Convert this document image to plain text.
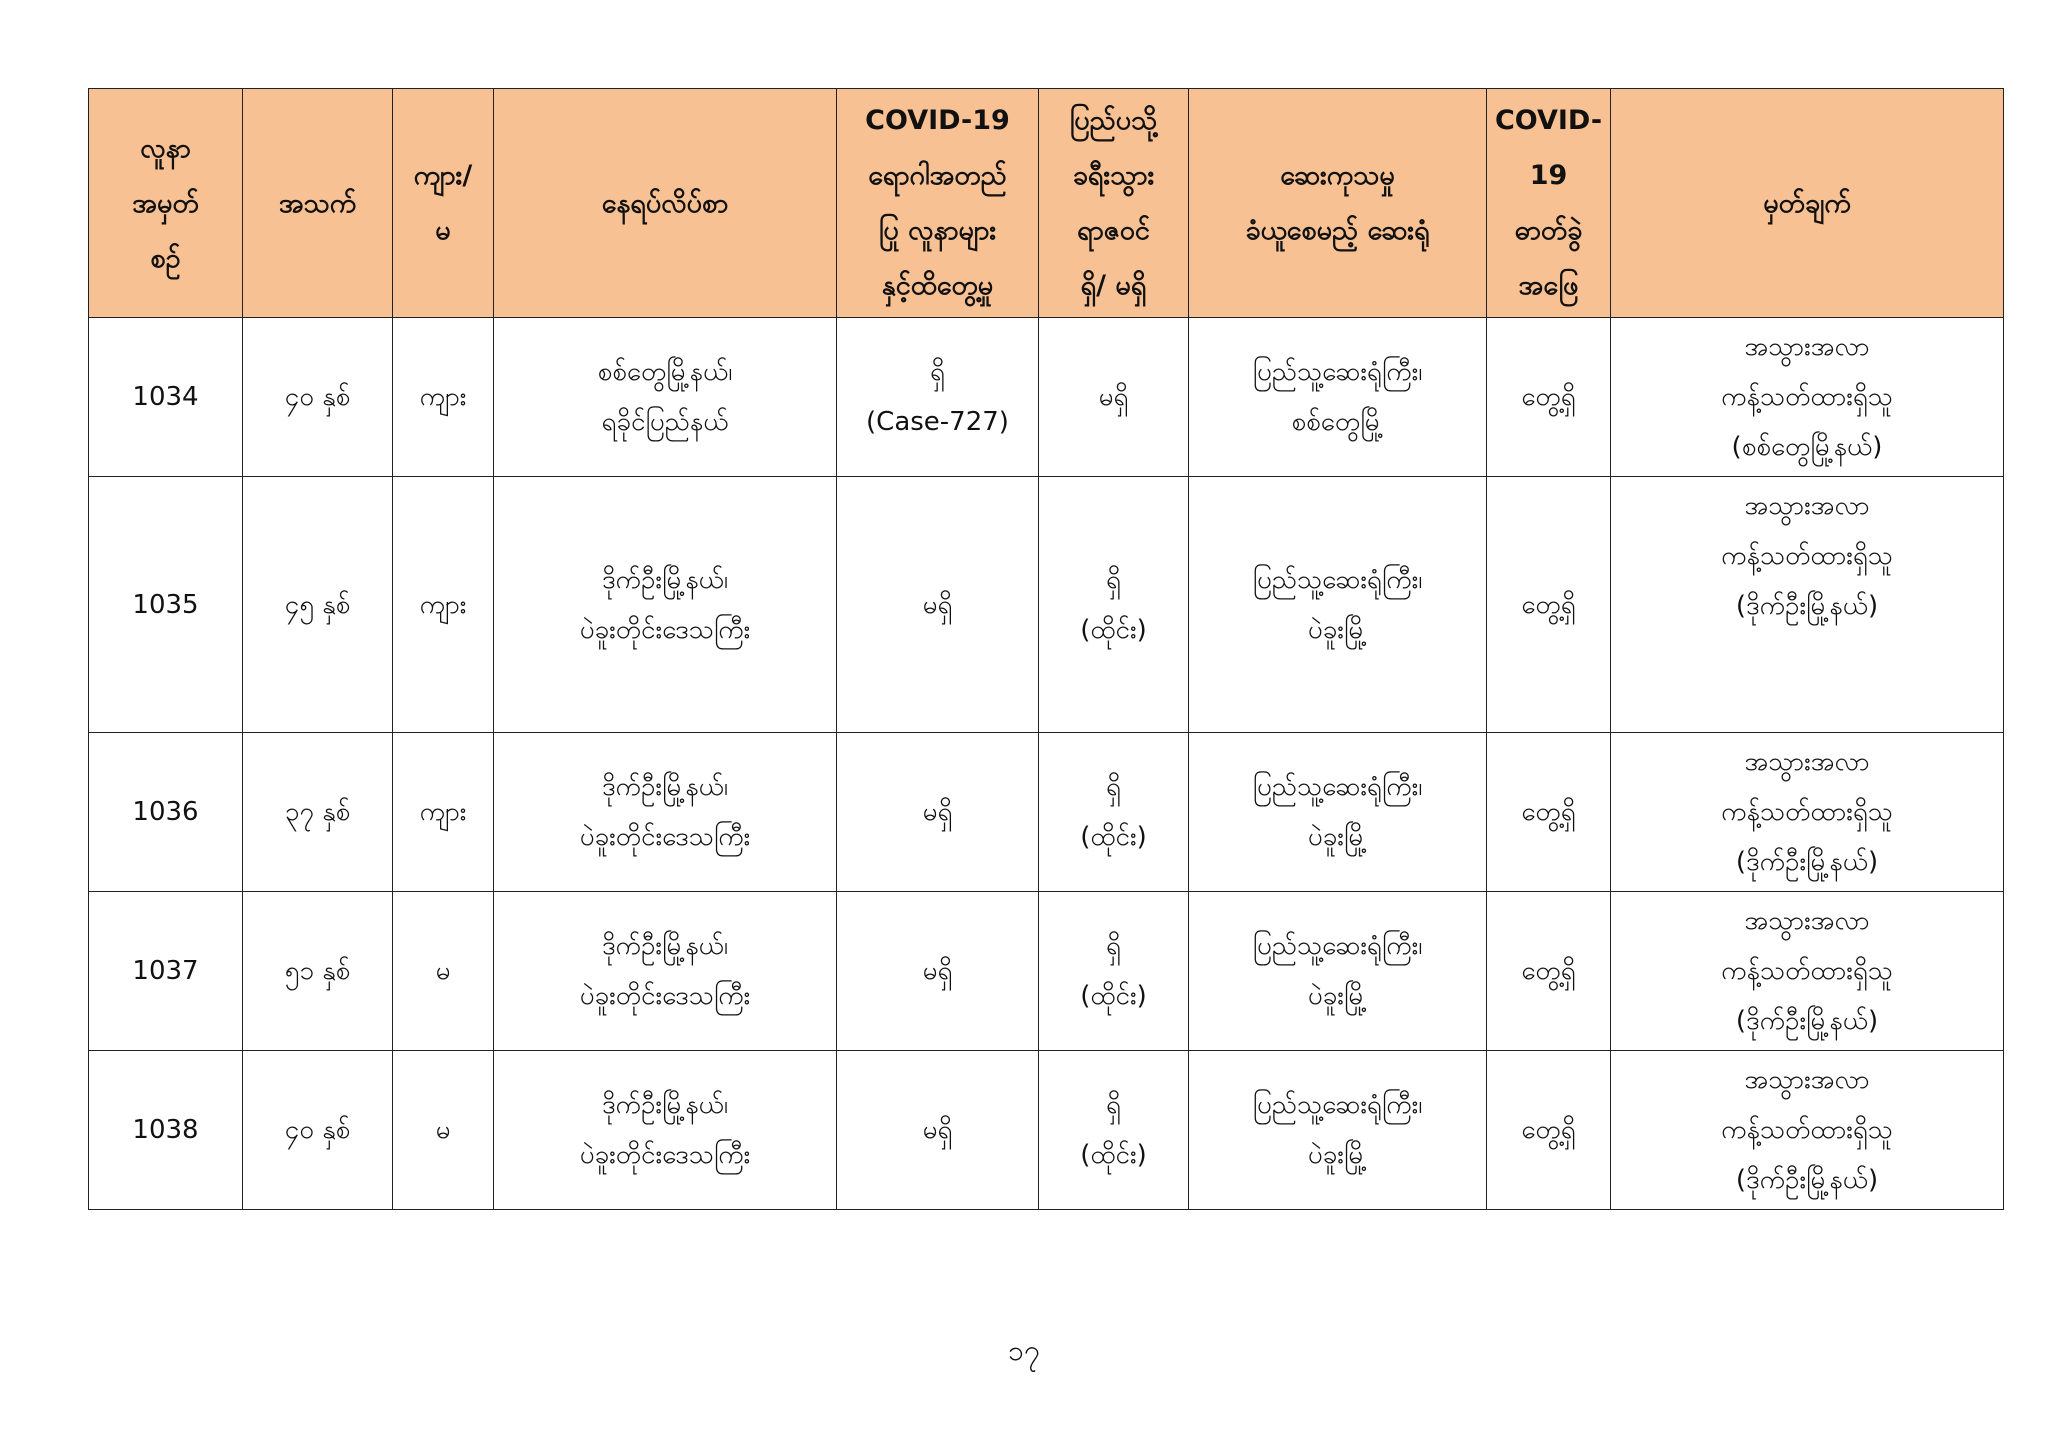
လူနာ
အမှတ်
စဉ်	အသက်	ကျား/
မ	နေရပ်လိပ်စာ	COVID-19
ရောဂါအတည်
ပြု လူနာများ
နှင့်ထိတွေ့မှု	ပြည်ပသို့
ခရီးသွား
ရာဇဝင်
ရှိ/ မရှိ	ဆေးကုသမှု
ခံယူစေမည့် ဆေးရုံ	COVID-
19
ဓာတ်ခွဲ
အဖြေ	မှတ်ချက်

1034	၄၀ နှစ်	ကျား	စစ်တွေမြို့နယ်၊
ရခိုင်ပြည်နယ်	ရှိ
(Case-727)	မရှိ	ပြည်သူ့ဆေးရုံကြီး၊
စစ်တွေမြို့	တွေ့ရှိ	အသွားအလာ
ကန့်သတ်ထားရှိသူ
(စစ်တွေမြို့နယ်)

1035	၄၅ နှစ်	ကျား	ဒိုက်ဦးမြို့နယ်၊
ပဲခူးတိုင်းဒေသကြီး	မရှိ	ရှိ
(ထိုင်း)	ပြည်သူ့ဆေးရုံကြီး၊
ပဲခူးမြို့	တွေ့ရှိ	အသွားအလာ
ကန့်သတ်ထားရှိသူ
(ဒိုက်ဦးမြို့နယ်)

1036	၃၇ နှစ်	ကျား	ဒိုက်ဦးမြို့နယ်၊
ပဲခူးတိုင်းဒေသကြီး	မရှိ	ရှိ
(ထိုင်း)	ပြည်သူ့ဆေးရုံကြီး၊
ပဲခူးမြို့	တွေ့ရှိ	အသွားအလာ
ကန့်သတ်ထားရှိသူ
(ဒိုက်ဦးမြို့နယ်)

1037	၅၁ နှစ်	မ	ဒိုက်ဦးမြို့နယ်၊
ပဲခူးတိုင်းဒေသကြီး	မရှိ	ရှိ
(ထိုင်း)	ပြည်သူ့ဆေးရုံကြီး၊
ပဲခူးမြို့	တွေ့ရှိ	အသွားအလာ
ကန့်သတ်ထားရှိသူ
(ဒိုက်ဦးမြို့နယ်)

1038	၄၀ နှစ်	မ	ဒိုက်ဦးမြို့နယ်၊
ပဲခူးတိုင်းဒေသကြီး	မရှိ	ရှိ
(ထိုင်း)	ပြည်သူ့ဆေးရုံကြီး၊
ပဲခူးမြို့	တွေ့ရှိ	အသွားအလာ
ကန့်သတ်ထားရှိသူ
(ဒိုက်ဦးမြို့နယ်)
၁၇
